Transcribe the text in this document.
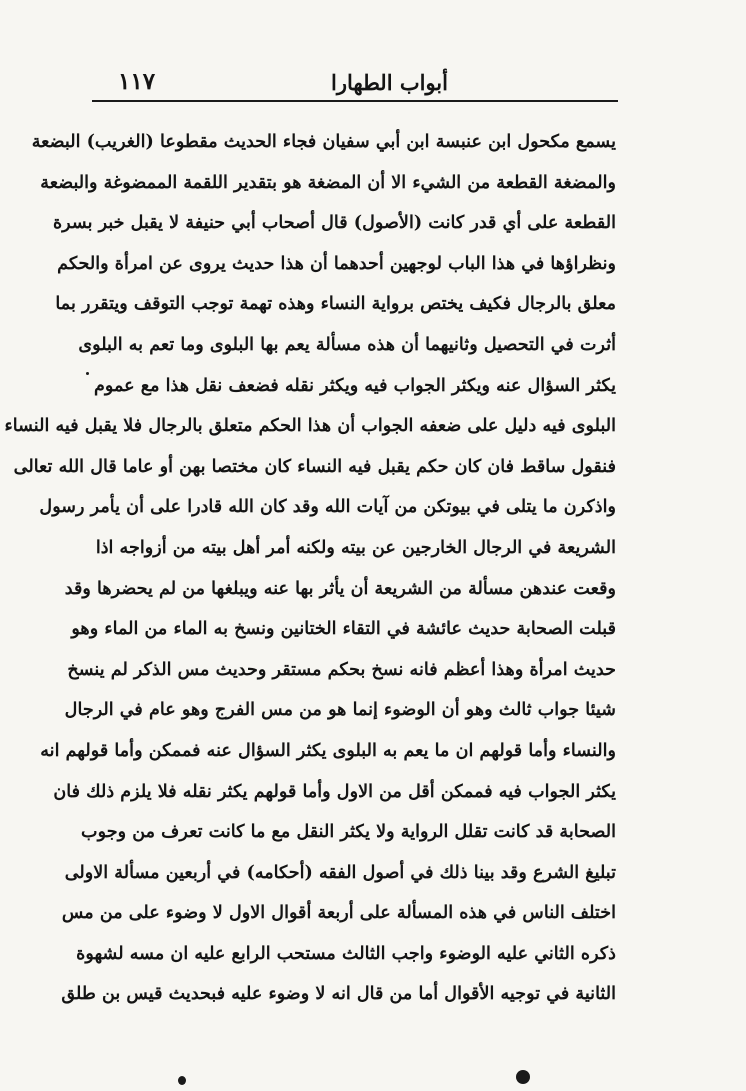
أبواب الطهارا
١١٧
يسمع مكحول ابن عنبسة ابن أبي سفيان فجاء الحديث مقطوعا (الغريب) البضعة
والمضغة القطعة من الشيء الا أن المضغة هو بتقدير اللقمة الممضوغة والبضعة
القطعة على أي قدر كانت (الأصول) قال أصحاب أبي حنيفة لا يقبل خبر بسرة
ونظراؤها في هذا الباب لوجهين أحدهما أن هذا حديث يروى عن امرأة والحكم
معلق بالرجال فكيف يختص برواية النساء وهذه تهمة توجب التوقف ويتقرر بما
أثرت في التحصيل وثانيهما أن هذه مسألة يعم بها البلوى وما تعم به البلوى
يكثر السؤال عنه ويكثر الجواب فيه ويكثر نقله فضعف نقل هذا مع عموم
البلوى فيه دليل على ضعفه الجواب أن هذا الحكم متعلق بالرجال فلا يقبل فيه النساء
فنقول ساقط فان كان حكم يقبل فيه النساء كان مختصا بهن أو عاما قال الله تعالى
واذكرن ما يتلى في بيوتكن من آيات الله وقد كان الله قادرا على أن يأمر رسول
الشريعة في الرجال الخارجين عن بيته ولكنه أمر أهل بيته من أزواجه اذا
وقعت عندهن مسألة من الشريعة أن يأثر بها عنه ويبلغها من لم يحضرها وقد
قبلت الصحابة حديث عائشة في التقاء الختانين ونسخ به الماء من الماء وهو
حديث امرأة وهذا أعظم فانه نسخ بحكم مستقر وحديث مس الذكر لم ينسخ
شيئا جواب ثالث وهو أن الوضوء إنما هو من مس الفرج وهو عام في الرجال
والنساء وأما قولهم ان ما يعم به البلوى يكثر السؤال عنه فممكن وأما قولهم انه
يكثر الجواب فيه فممكن أقل من الاول وأما قولهم يكثر نقله فلا يلزم ذلك فان
الصحابة قد كانت تقلل الرواية ولا يكثر النقل مع ما كانت تعرف من وجوب
تبليغ الشرع وقد بينا ذلك في أصول الفقه (أحكامه) في أربعين مسألة الاولى
اختلف الناس في هذه المسألة على أربعة أقوال الاول لا وضوء على من مس
ذكره الثاني عليه الوضوء واجب الثالث مستحب الرابع عليه ان مسه لشهوة
الثانية في توجيه الأقوال أما من قال انه لا وضوء عليه فبحديث قيس بن طلق
